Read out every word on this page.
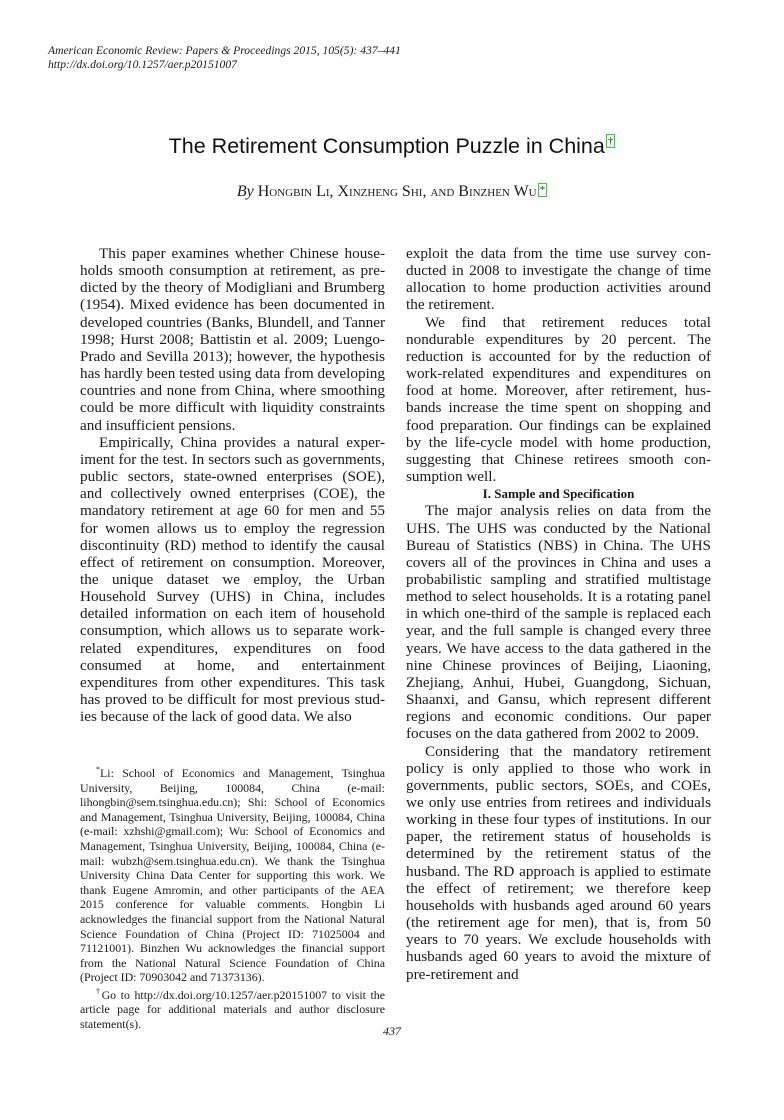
American Economic Review: Papers & Proceedings 2015, 105(5): 437–441
http://dx.doi.org/10.1257/aer.p20151007
The Retirement Consumption Puzzle in China †
By Hongbin Li, Xinzheng Shi, and Binzhen Wu *

This paper examines whether Chinese households smooth consumption at retirement, as predicted by the theory of Modigliani and Brumberg (1954). Mixed evidence has been documented in developed countries (Banks, Blundell, and Tanner 1998; Hurst 2008; Battistin et al. 2009; Luengo-Prado and Sevilla 2013); however, the hypothesis has hardly been tested using data from developing countries and none from China, where smoothing could be more difficult with liquidity constraints and insufficient pensions.

Empirically, China provides a natural experiment for the test. In sectors such as governments, public sectors, state-owned enterprises (SOE), and collectively owned enterprises (COE), the mandatory retirement at age 60 for men and 55 for women allows us to employ the regression discontinuity (RD) method to identify the causal effect of retirement on consumption. Moreover, the unique dataset we employ, the Urban Household Survey (UHS) in China, includes detailed information on each item of household consumption, which allows us to separate work-related expenditures, expenditures on food consumed at home, and entertainment expenditures from other expenditures. This task has proved to be difficult for most previous studies because of the lack of good data. We also

*Li: School of Economics and Management, Tsinghua University, Beijing, 100084, China (e-mail: lihongbin@sem.tsinghua.edu.cn); Shi: School of Economics and Management, Tsinghua University, Beijing, 100084, China (e-mail: xzhshi@gmail.com); Wu: School of Economics and Management, Tsinghua University, Beijing, 100084, China (e-mail: wubzh@sem.tsinghua.edu.cn). We thank the Tsinghua University China Data Center for supporting this work. We thank Eugene Amromin, and other participants of the AEA 2015 conference for valuable comments. Hongbin Li acknowledges the financial support from the National Natural Science Foundation of China (Project ID: 71025004 and 71121001). Binzhen Wu acknowledges the financial support from the National Natural Science Foundation of China (Project ID: 70903042 and 71373136).

†Go to http://dx.doi.org/10.1257/aer.p20151007 to visit the article page for additional materials and author disclosure statement(s).

exploit the data from the time use survey conducted in 2008 to investigate the change of time allocation to home production activities around the retirement.

We find that retirement reduces total nondurable expenditures by 20 percent. The reduction is accounted for by the reduction of work-related expenditures and expenditures on food at home. Moreover, after retirement, husbands increase the time spent on shopping and food preparation. Our findings can be explained by the life-cycle model with home production, suggesting that Chinese retirees smooth consumption well.

I. Sample and Specification

The major analysis relies on data from the UHS. The UHS was conducted by the National Bureau of Statistics (NBS) in China. The UHS covers all of the provinces in China and uses a probabilistic sampling and stratified multistage method to select households. It is a rotating panel in which one-third of the sample is replaced each year, and the full sample is changed every three years. We have access to the data gathered in the nine Chinese provinces of Beijing, Liaoning, Zhejiang, Anhui, Hubei, Guangdong, Sichuan, Shaanxi, and Gansu, which represent different regions and economic conditions. Our paper focuses on the data gathered from 2002 to 2009.

Considering that the mandatory retirement policy is only applied to those who work in governments, public sectors, SOEs, and COEs, we only use entries from retirees and individuals working in these four types of institutions. In our paper, the retirement status of households is determined by the retirement status of the husband. The RD approach is applied to estimate the effect of retirement; we therefore keep households with husbands aged around 60 years (the retirement age for men), that is, from 50 years to 70 years. We exclude households with husbands aged 60 years to avoid the mixture of pre-retirement and

437
